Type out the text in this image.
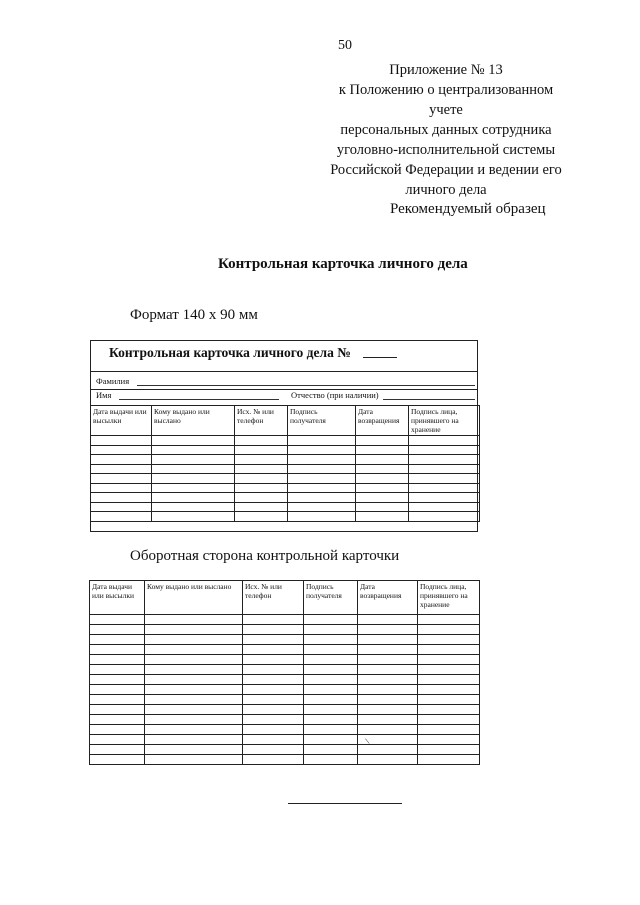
50
Приложение № 13
к Положению о централизованном учете
персональных данных сотрудника
уголовно-исполнительной системы
Российской Федерации и ведении его
личного дела
Рекомендуемый образец
Контрольная карточка личного дела
Формат 140 х 90 мм
Контрольная карточка личного дела №
Фамилия
Имя	Отчество (при наличии)
Дата выдачи или высылки	Кому выдано или выслано	Исх. № или телефон	Подпись получателя	Дата возвращения	Подпись лица, принявшего на хранение

Оборотная сторона контрольной карточки
Дата выдачи или высылки	Кому выдано или выслано	Исх. № или телефон	Подпись получателя	Дата возвращения	Подпись лица, принявшего на хранение

\
